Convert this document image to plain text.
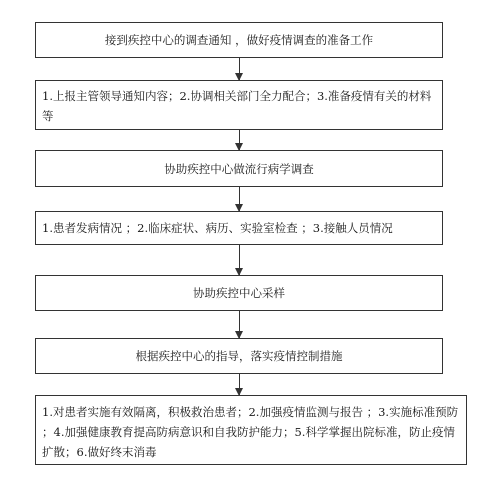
接到疾控中心的调查通知 ，做好疫情调查的准备工作
1.上报主管领导通知内容；2.协调相关部门全力配合；3.准备疫情有关的材料等
协助疾控中心做流行病学调查
1.患者发病情况 ；2.临床症状、病历、实验室检查 ；3.接触人员情况
协助疾控中心采样
根据疾控中心的指导，落实疫情控制措施
1.对患者实施有效隔离，积极救治患者；2.加强疫情监测与报告 ；3.实施标准预防 ；4.加强健康教育提高防病意识和自我防护能力；5.科学掌握出院标准，防止疫情扩散；6.做好终末消毒
